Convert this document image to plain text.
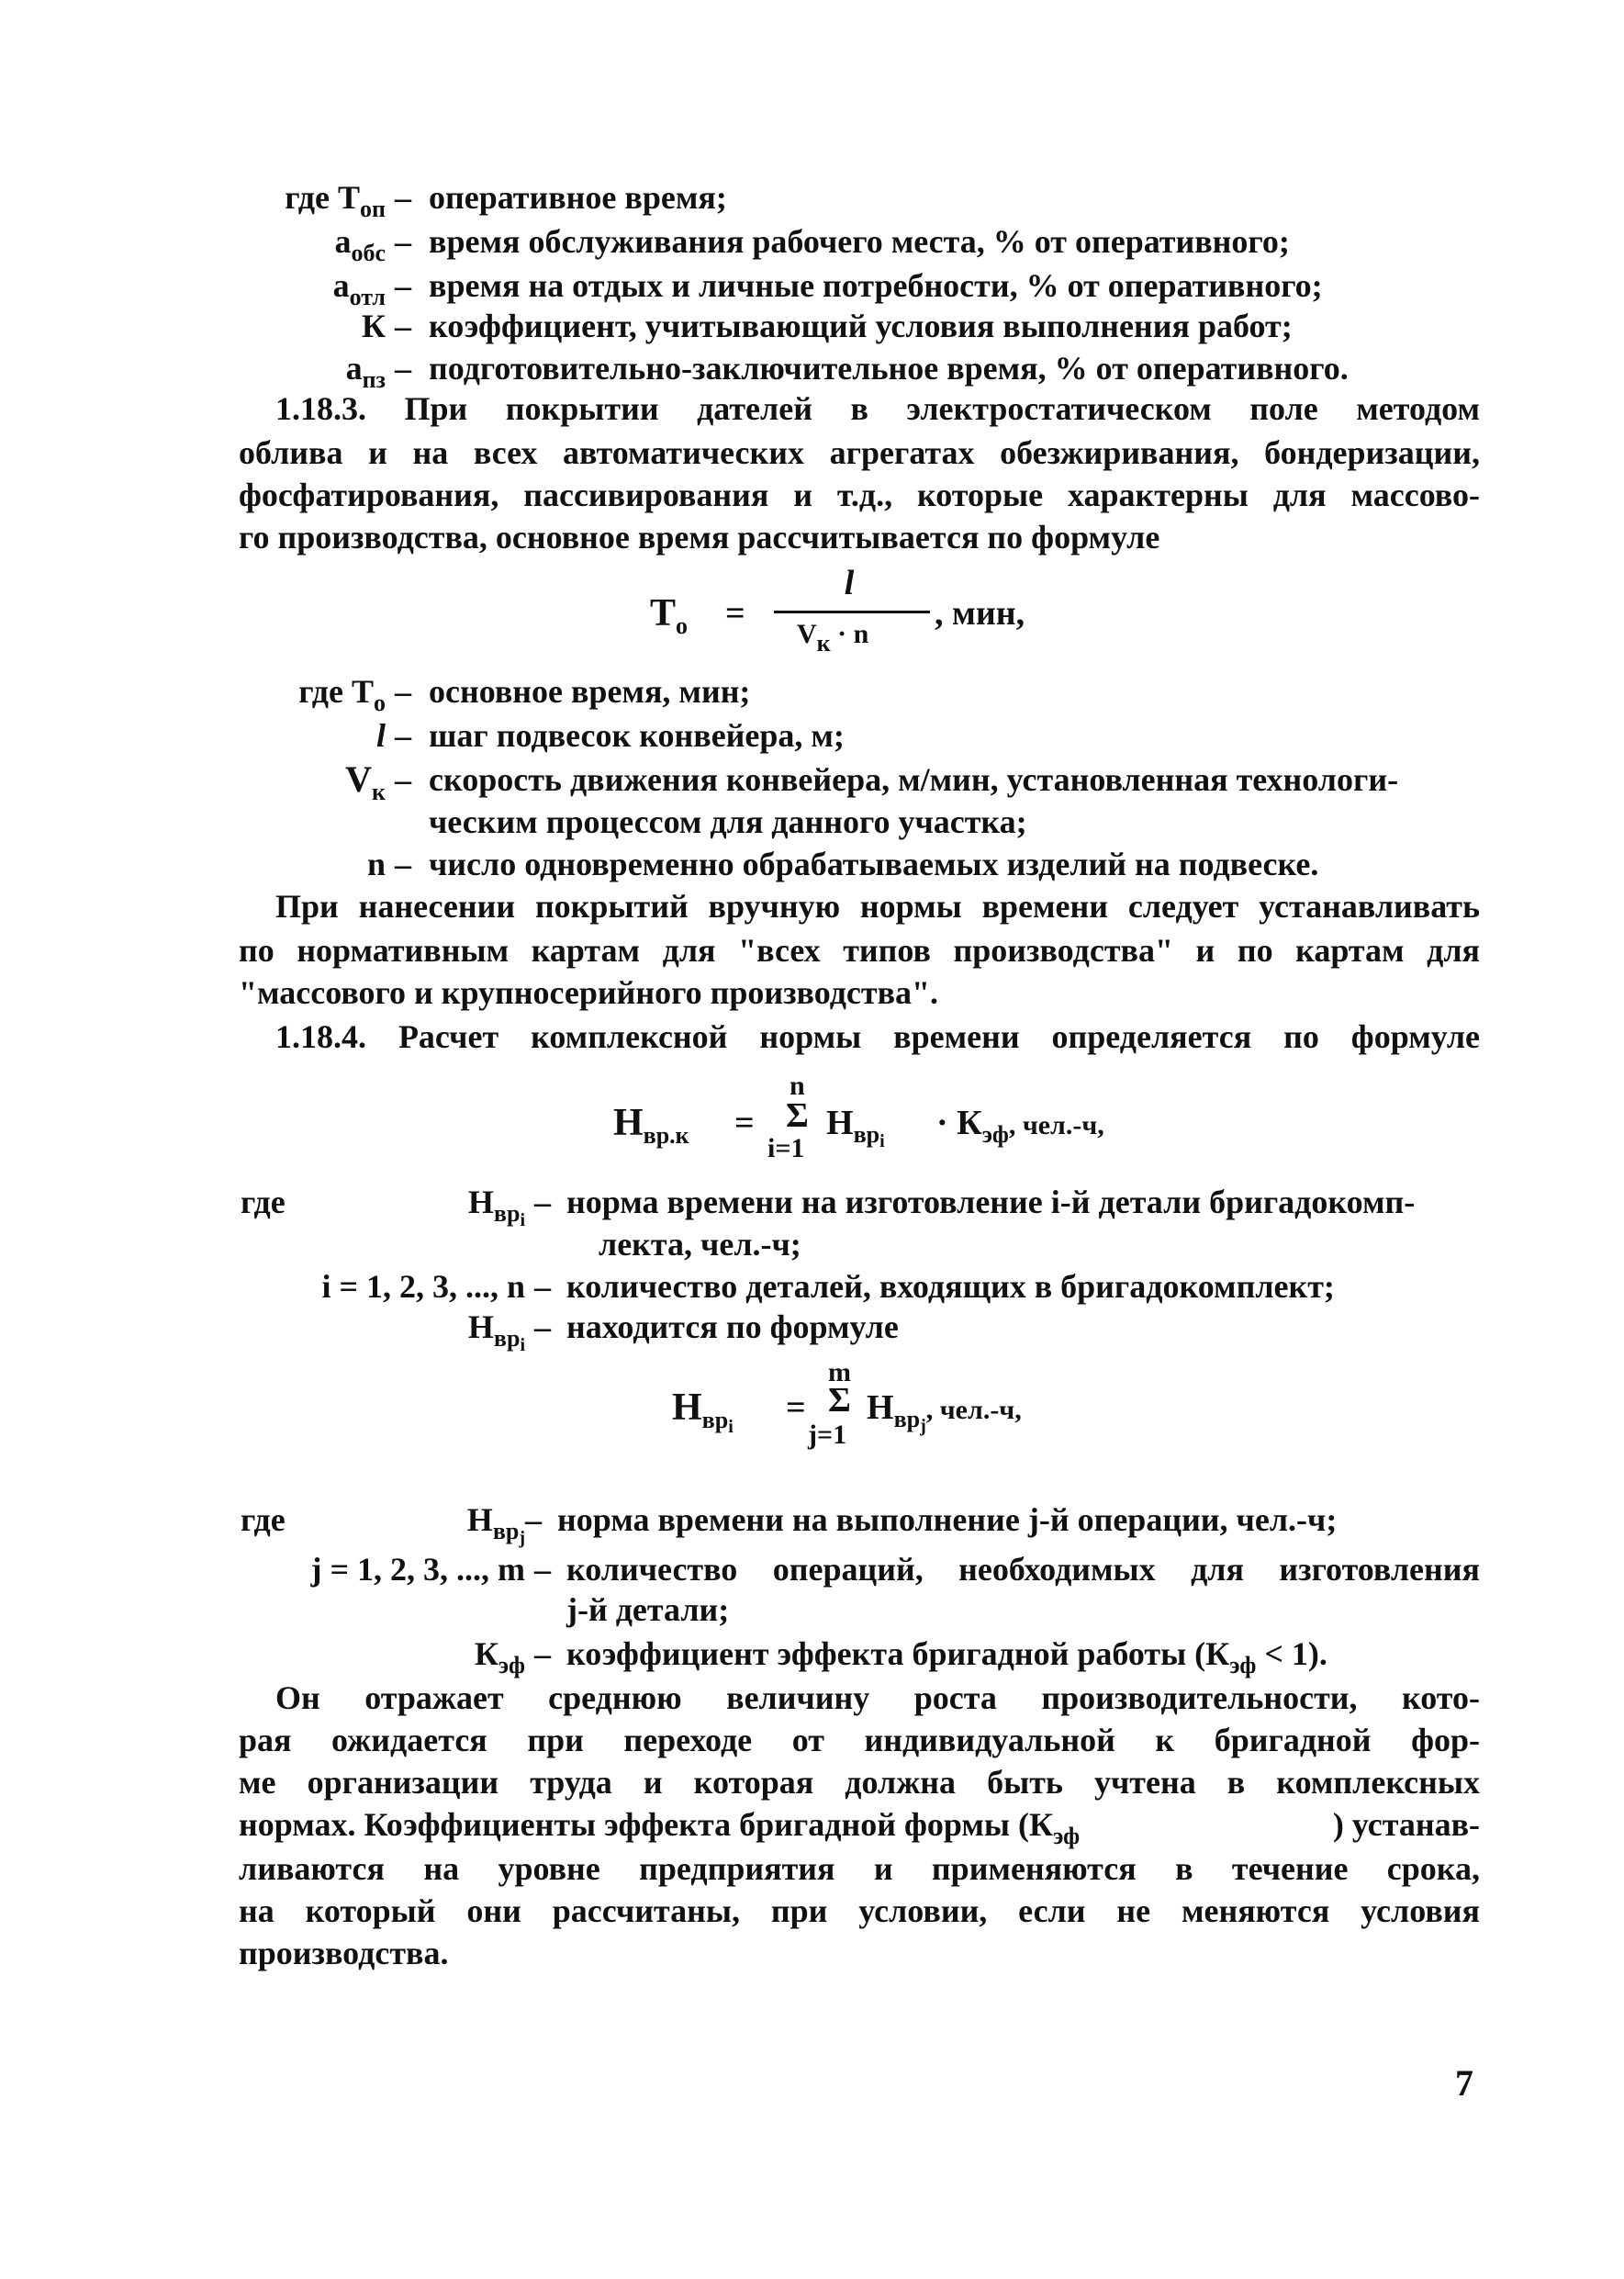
где $Т_{оп}$ – оперативное время;
$а_{обс}$ – время обслуживания рабочего места, % от оперативного;
$а_{отл}$ – время на отдых и личные потребности, % от оперативного;
К – коэффициент, учитывающий условия выполнения работ;
$а_{пз}$ – подготовительно-заключительное время, % от оперативного.
1.18.3. При покрытии дателей в электростатическом поле методом
облива и на всех автоматических агрегатах обезжиривания, бондеризации,
фосфатирования, пассивирования и т.д., которые характерны для массово-
го производства, основное время рассчитывается по формуле
$Т_о$ =
l
Vк · n
, мин,
где $Т_о$ – основное время, мин;
l – шаг подвесок конвейера, м;
$V_к$ – скорость движения конвейера, м/мин, установленная технологи-
ческим процессом для данного участка;
n – число одновременно обрабатываемых изделий на подвеске.
При нанесении покрытий вручную нормы времени следует устанавливать
по нормативным картам для "всех типов производства" и по картам для
"массового и крупносерийного производства".
1.18.4. Расчет комплексной нормы времени определяется по формуле
$Н_{вр.к}$ =
n
Σ
i=1
$Н_{врi} \cdot К_{эф}$, чел.-ч,
где	$Н_{врi}$ – норма времени на изготовление i-й детали бригадокомп-
лекта, чел.-ч;
i = 1, 2, 3, ..., n – количество деталей, входящих в бригадокомплект;
$Н_{врi}$ – находится по формуле
$Н_{врi}$ =
m
Σ
j=1
$Н_{врj}$, чел.-ч,
где	$Н_{врj}$ – норма времени на выполнение j-й операции, чел.-ч;
j = 1, 2, 3, ..., m – количество операций, необходимых для изготовления
j-й детали;
$К_{эф}$ – коэффициент эффекта бригадной работы $(К_{эф} < 1)$.
Он отражает среднюю величину роста производительности, кото-
рая ожидается при переходе от индивидуальной к бригадной фор-
ме организации труда и которая должна быть учтена в комплексных
нормах. Коэффициенты эффекта бригадной формы ($К_{эф}$	) устанав-
ливаются на уровне предприятия и применяются в течение срока,
на который они рассчитаны, при условии, если не меняются условия
производства.
7
